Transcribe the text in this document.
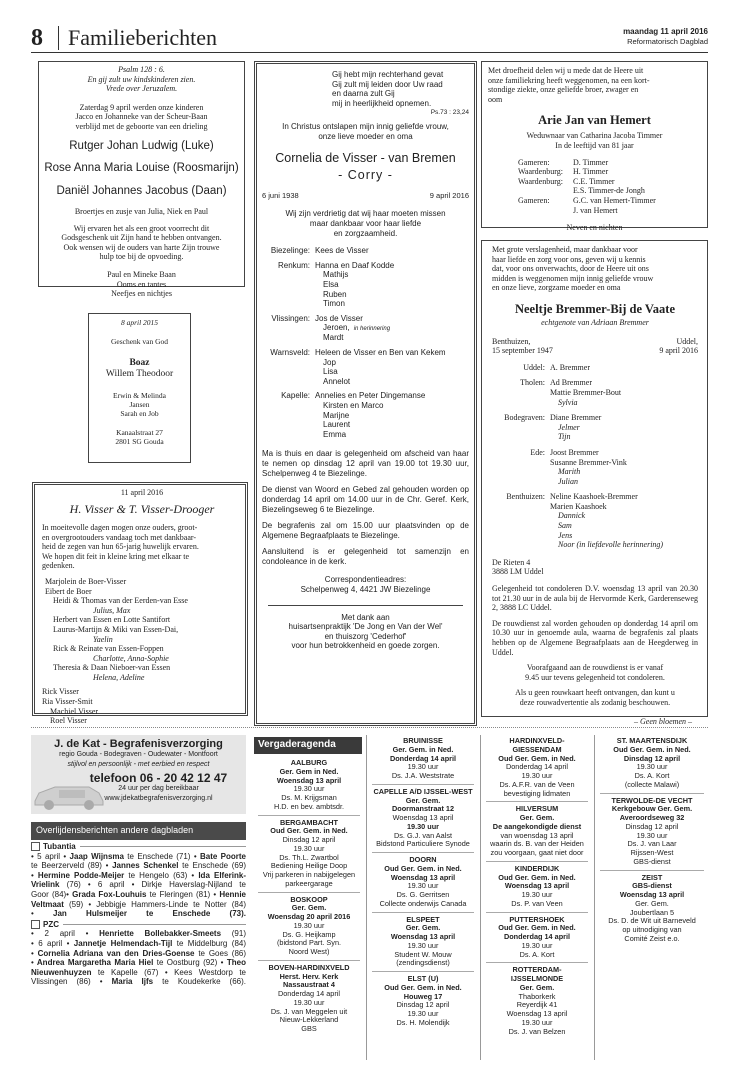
8 Familieberichten	maandag 11 april 2016
Reformatorisch Dagblad
Psalm 128 : 6.
En gij zult uw kindskinderen zien.
Vrede over Jeruzalem.
Zaterdag 9 april werden onze kinderen
Jacco en Johanneke van der Scheur-Baan
verblijd met de geboorte van een drieling
Rutger Johan Ludwig (Luke)
Rose Anna Maria Louise (Roosmarijn)
Daniël Johannes Jacobus (Daan)
Broertjes en zusje van Julia, Niek en Paul
Wij ervaren het als een groot voorrecht dit
Godsgeschenk uit Zijn hand te hebben ontvangen.
Ook wensen wij de ouders van harte Zijn trouwe
hulp toe bij de opvoeding.
Paul en Mineke Baan
Ooms en tantes
Neefjes en nichtjes
8 april 2015
Geschenk van God
Boaz
Willem Theodoor
Erwin & Melinda
Jansen
Sarah en Job
Kanaalstraat 27
2801 SG Gouda
11 april 2016
H. Visser & T. Visser-Drooger
In moeitevolle dagen mogen onze ouders, groot-
en overgrootouders vandaag toch met dankbaar-
heid de zegen van hun 65-jarig huwelijk ervaren.
We hopen dit feit in kleine kring met elkaar te
gedenken.
Marjolein de Boer-Visser
Eibert de Boer
Heidi & Thomas van der Eerden-van Esse
Julius, Max
Herbert van Essen en Lotte Santifort
Laurus-Martijn & Miki van Essen-Dai,
Yaelin
Rick & Reinate van Essen-Foppen
Charlotte, Anna-Sophie
Theresia & Daan Nieboer-van Essen
Helena, Adeline
Rick Visser
Ria Visser-Smit
Machiel Visser
Roel Visser
Gij hebt mijn rechterhand gevat
Gij zult mij leiden door Uw raad
en daarna zult Gij
mij in heerlijkheid opnemen.
Ps.73 : 23,24
In Christus ontslapen mijn innig geliefde vrouw,
onze lieve moeder en oma
Cornelia de Visser - van Bremen
- Corry -
6 juni 1938	9 april 2016
Wij zijn verdrietig dat wij haar moeten missen
maar dankbaar voor haar liefde
en zorgzaamheid.
Biezelinge: Kees de Visser
Renkum: Hanna en Daaf Kodde
Mathijs
Elsa
Ruben
Timon
Vlissingen: Jos de Visser
Jeroen, in herinnering
Mardt
Warnsveld: Heleen de Visser en Ben van Kekem
Jop
Lisa
Annelot
Kapelle: Annelies en Peter Dingemanse
Kirsten en Marco
Marijne
Laurent
Emma
Ma is thuis en daar is gelegenheid om afscheid van haar te nemen op dinsdag 12 april van 19.00 tot 19.30 uur, Schelpenweg 4 te Biezelinge.
De dienst van Woord en Gebed zal gehouden worden op donderdag 14 april om 14.00 uur in de Chr. Geref. Kerk, Biezelingseweg 6 te Biezelinge.
De begrafenis zal om 15.00 uur plaatsvinden op de Algemene Begraafplaats te Biezelinge.
Aansluitend is er gelegenheid tot samenzijn en condoleance in de kerk.
Correspondentieadres:
Schelpenweg 4, 4421 JW Biezelinge
Met dank aan
huisartsenpraktijk 'De Jong en Van der Wel'
en thuiszorg 'Cederhof'
voor hun betrokkenheid en goede zorgen.
Met droefheid delen wij u mede dat de Heere uit
onze familiekring heeft weggenomen, na een kort-
stondige ziekte, onze geliefde broer, zwager en
oom
Arie Jan van Hemert
Weduwnaar van Catharina Jacoba Timmer
In de leeftijd van 81 jaar
Gameren:	D. Timmer
Waardenburg:	H. Timmer
Waardenburg:	C.E. Timmer
E.S. Timmer-de Jongh
Gameren:	G.C. van Hemert-Timmer
J. van Hemert
Neven en nichten
Met grote verslagenheid, maar dankbaar voor
haar liefde en zorg voor ons, geven wij u kennis
dat, voor ons onverwachts, door de Heere uit ons
midden is weggenomen mijn innig geliefde vrouw
en onze lieve, zorgzame moeder en oma
Neeltje Bremmer-Bij de Vaate
echtgenote van Adriaan Bremmer
Benthuizen,
15 september 1947
Uddel,
9 april 2016
Uddel: A. Bremmer
Tholen: Ad Bremmer
Mattie Bremmer-Bout
Sylvia
Bodegraven: Diane Bremmer
Jelmer
Tijn
Ede: Joost Bremmer
Susanne Bremmer-Vink
Marith
Julian
Benthuizen: Neline Kaashoek-Bremmer
Marien Kaashoek
Dannick
Sam
Jens
Noor (in liefdevolle herinnering)
De Rieten 4
3888 LM Uddel
Gelegenheid tot condoleren D.V. woensdag 13 april van 20.30 tot 21.30 uur in de aula bij de Hervormde Kerk, Garderenseweg 2, 3888 LC Uddel.
De rouwdienst zal worden gehouden op donderdag 14 april om 10.30 uur in genoemde aula, waarna de begrafenis zal plaats hebben op de Algemene Begraafplaats aan de Heegderweg in Uddel.
Voorafgaand aan de rouwdienst is er vanaf
9.45 uur tevens gelegenheid tot condoleren.
Als u geen rouwkaart heeft ontvangen, dan kunt u
deze rouwadvertentie als zodanig beschouwen.
– Geen bloemen –
J. de Kat - Begrafenisverzorging
regio Gouda - Bodegraven - Oudewater - Montfoort
stijlvol en persoonlijk - met eerbied en respect
telefoon 06 - 20 42 12 47
24 uur per dag bereikbaar
www.jdekatbegrafenisverzorging.nl
Overlijdensberichten andere dagbladen
Tubantia
• 5 april • Jaap Wijnsma te Enschede (71) • Bate Poorte
te Beerzerveld (89) • Jannes Schenkel te Enschede (69)
• Hermine Podde-Meijer te Hengelo (63) • Ida Elferink-
Vrielink (76) • 6 april • Dirkje Haverslag-Nijland te
Goor (84)• Grada Fox-Louhuis te Fleringen (81) • Hennie
Veltmaat (59) • Jebbigje Hammers-Linde te Notter (84)
• Jan Hulsmeijer te Enschede (73).
PZC
• 2 april • Henriette Bollebakker-Smeets (91)
• 6 april • Jannetje Helmendach-Tijl te Middelburg (84)
• Cornelia Adriana van den Dries-Goense te Goes (86)
• Andrea Margaretha Maria Hiel te Oostburg (92) • Theo
Nieuwenhuyzen te Kapelle (67) • Kees Westdorp te
Vlissingen (86) • Maria Ijfs te Koudekerke (66).
Vergaderagenda
AALBURG
Ger. Gem in Ned.
Woensdag 13 april
19.30 uur
Ds. M. Krijgsman
H.D. en bev. ambtsdr.
BERGAMBACHT
Oud Ger. Gem. in Ned.
Dinsdag 12 april
19.30 uur
Ds. Th.L. Zwartbol
Bediening Heilige Doop
Vrij parkeren in nabijgelegen
parkeergarage
BOSKOOP
Ger. Gem.
Woensdag 20 april 2016
19.30 uur
Ds. G. Heijkamp
(bidstond Part. Syn.
Noord West)
BOVEN-HARDINXVELD
Herst. Herv. Kerk
Nassaustraat 4
Donderdag 14 april
19.30 uur
Ds. J. van Meggelen uit
Nieuw-Lekkerland
GBS
BRUINISSE
Ger. Gem. in Ned.
Donderdag 14 april
19.30 uur
Ds. J.A. Weststrate
CAPELLE A/D IJSSEL-WEST
Ger. Gem.
Doormanstraat 12
Woensdag 13 april
19.30 uur
Ds. G.J. van Aalst
Bidstond Particuliere Synode
DOORN
Oud Ger. Gem. in Ned.
Woensdag 13 april
19.30 uur
Ds. G. Gerritsen
Collecte onderwijs Canada
ELSPEET
Ger. Gem.
Woensdag 13 april
19.30 uur
Student W. Mouw
(zendingsdienst)
ELST (U)
Oud Ger. Gem. in Ned.
Houweg 17
Dinsdag 12 april
19.30 uur
Ds. H. Molendijk
HARDINXVELD-
GIESSENDAM
Oud Ger. Gem. in Ned.
Donderdag 14 april
19.30 uur
Ds. A.F.R. van de Veen
bevestiging lidmaten
HILVERSUM
Ger. Gem.
De aangekondigde dienst
van woensdag 13 april
waarin ds. B. van der Heiden
zou voorgaan, gaat niet door
KINDERDIJK
Oud Ger. Gem. in Ned.
Woensdag 13 april
19.30 uur
Ds. P. van Veen
PUTTERSHOEK
Oud Ger. Gem. in Ned.
Donderdag 14 april
19.30 uur
Ds. A. Kort
ROTTERDAM-
IJSSELMONDE
Ger. Gem.
Thaborkerk
Reyerdijk 41
Woensdag 13 april
19.30 uur
Ds. J. van Belzen
ST. MAARTENSDIJK
Oud Ger. Gem. in Ned.
Dinsdag 12 april
19.30 uur
Ds. A. Kort
(collecte Malawi)
TERWOLDE-DE VECHT
Kerkgebouw Ger. Gem.
Averoordseweg 32
Dinsdag 12 april
19.30 uur
Ds. J. van Laar
Rijssen-West
GBS-dienst
ZEIST
GBS-dienst
Woensdag 13 april
Ger. Gem.
Joubertlaan 5
Ds. D. de Wit uit Barneveld
op uitnodiging van
Comité Zeist e.o.
